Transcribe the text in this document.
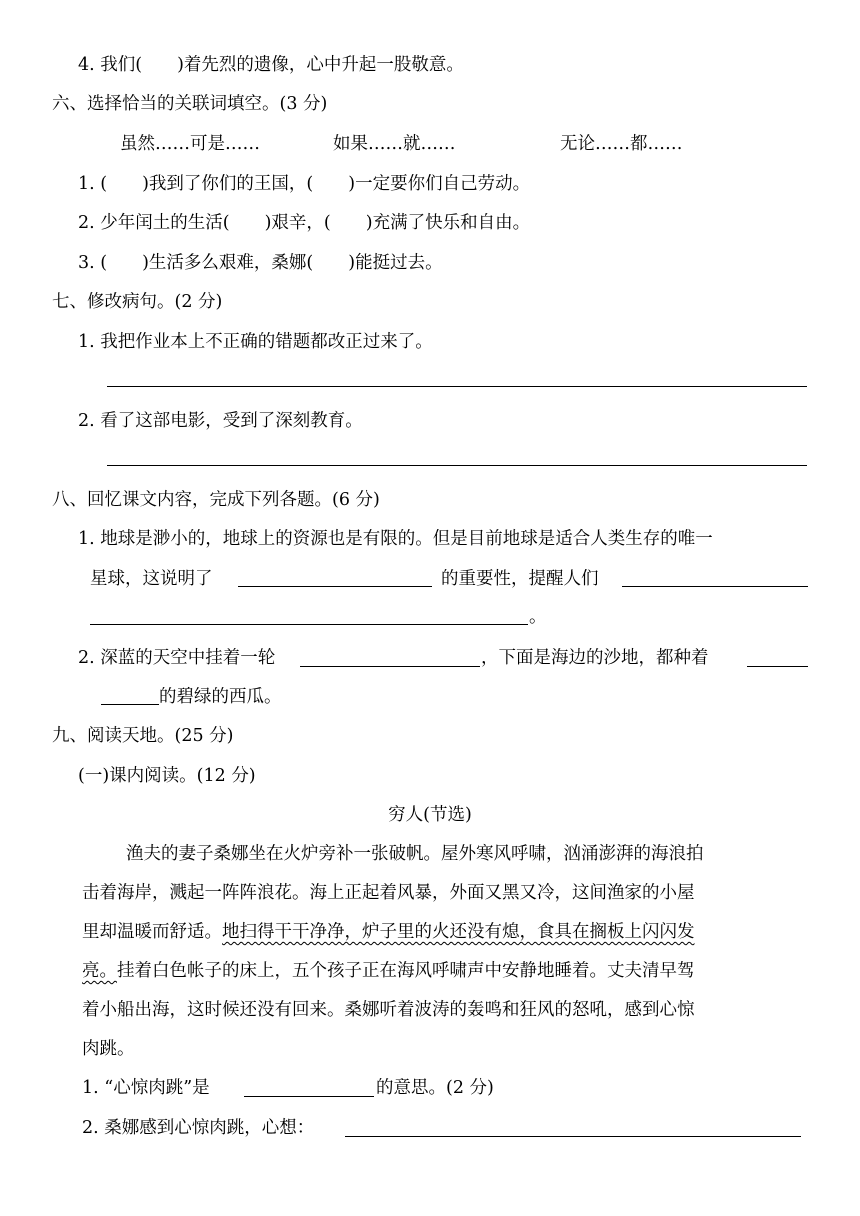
4. 我们(　　)着先烈的遗像，心中升起一股敬意。
六、选择恰当的关联词填空。(3 分)
虽然……可是……	如果……就……	无论……都……
1. (　　)我到了你们的王国，(　　)一定要你们自己劳动。
2. 少年闰土的生活(　　)艰辛，(　　)充满了快乐和自由。
3. (　　)生活多么艰难，桑娜(　　)能挺过去。
七、修改病句。(2 分)
1. 我把作业本上不正确的错题都改正过来了。
2. 看了这部电影，受到了深刻教育。
八、回忆课文内容，完成下列各题。(6 分)
1. 地球是渺小的，地球上的资源也是有限的。但是目前地球是适合人类生存的唯一
星球，这说明了	的重要性，提醒人们
。
2. 深蓝的天空中挂着一轮	，下面是海边的沙地，都种着
的碧绿的西瓜。
九、阅读天地。(25 分)
(一)课内阅读。(12 分)
穷人(节选)
渔夫的妻子桑娜坐在火炉旁补一张破帆。屋外寒风呼啸，汹涌澎湃的海浪拍
击着海岸，溅起一阵阵浪花。海上正起着风暴，外面又黑又冷，这间渔家的小屋
里却温暖而舒适。地扫得干干净净，炉子里的火还没有熄，食具在搁板上闪闪发
亮。挂着白色帐子的床上，五个孩子正在海风呼啸声中安静地睡着。丈夫清早驾
着小船出海，这时候还没有回来。桑娜听着波涛的轰鸣和狂风的怒吼，感到心惊
肉跳。
1. “心惊肉跳”是	的意思。(2 分)
2. 桑娜感到心惊肉跳，心想：
